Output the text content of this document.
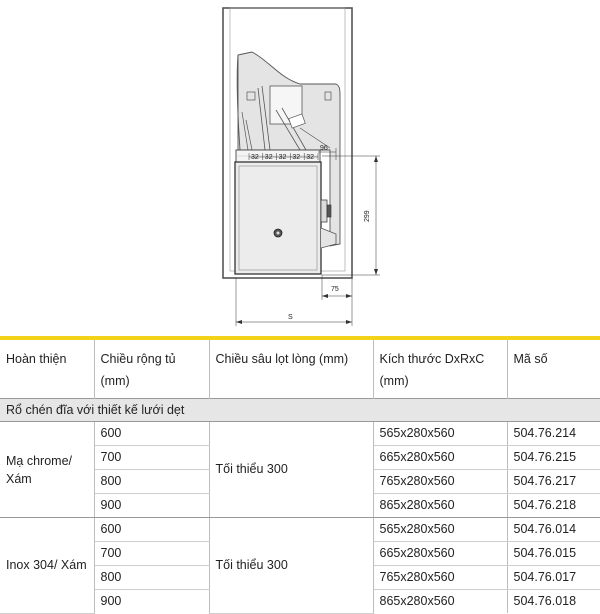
32 32 32 32 32
96
299
75
S

Hoàn thiện	Chiều rộng tủ (mm)	Chiều sâu lọt lòng (mm)	Kích thước DxRxC (mm)	Mã số
Rổ chén đĩa với thiết kế lưới dẹt				
Mạ chrome/ Xám	600	Tối thiểu 300	565x280x560	504.76.214
	700		665x280x560	504.76.215
	800		765x280x560	504.76.217
	900		865x280x560	504.76.218
Inox 304/ Xám	600	Tối thiểu 300	565x280x560	504.76.014
	700		665x280x560	504.76.015
	800		765x280x560	504.76.017
	900		865x280x560	504.76.018
